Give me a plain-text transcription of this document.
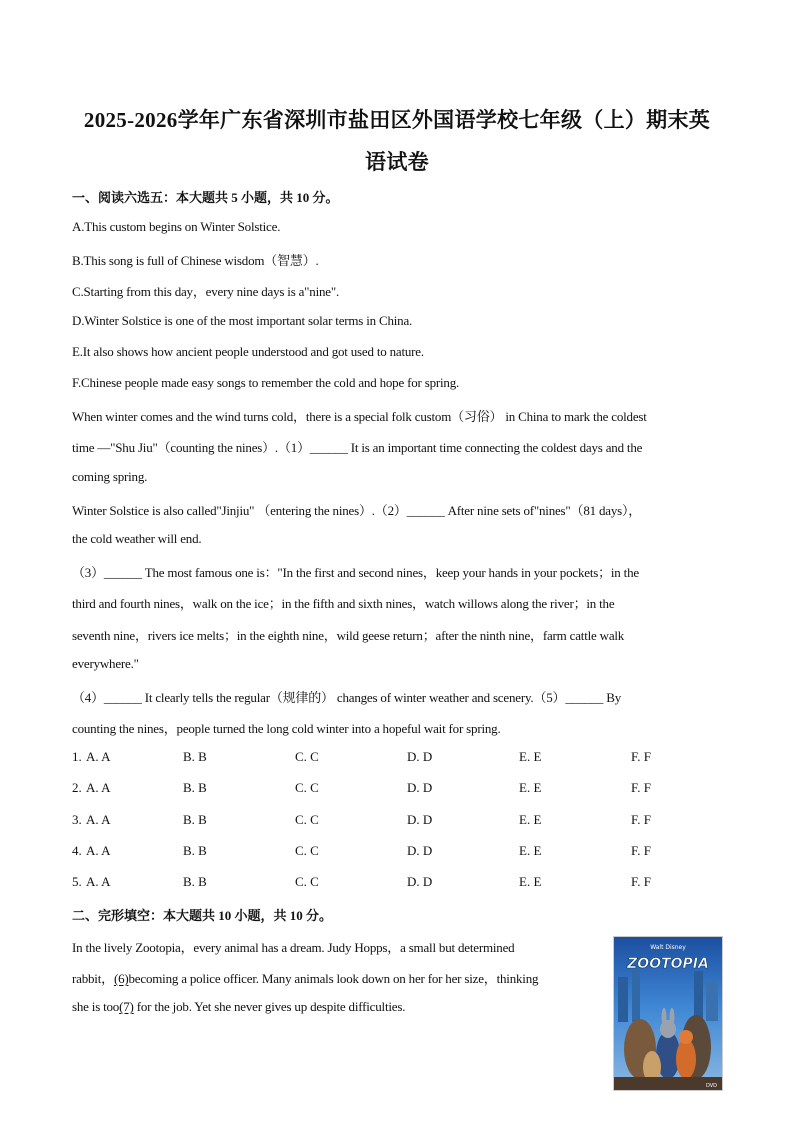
2025-2026学年广东省深圳市盐田区外国语学校七年级（上）期末英
语试卷
一、阅读六选五：本大题共 5 小题，共 10 分。
A.This custom begins on Winter Solstice.
B.This song is full of Chinese wisdom（智慧）.
C.Starting from this day，every nine days is a"nine".
D.Winter Solstice is one of the most important solar terms in China.
E.It also shows how ancient people understood and got used to nature.
F.Chinese people made easy songs to remember the cold and hope for spring.
When winter comes and the wind turns cold，there is a special folk custom（习俗） in China to mark the coldest
time —"Shu Jiu"（counting the nines）.（1）______ It is an important time connecting the coldest days and the
coming spring.
Winter Solstice is also called"Jinjiu" （entering the nines）.（2）______ After nine sets of"nines"（81 days），
the cold weather will end.
（3）______ The most famous one is："In the first and second nines，keep your hands in your pockets；in the
third and fourth nines，walk on the ice；in the fifth and sixth nines，watch willows along the river；in the
seventh nine，rivers ice melts；in the eighth nine，wild geese return；after the ninth nine，farm cattle walk
everywhere."
（4）______ It clearly tells the regular（规律的） changes of winter weather and scenery.（5）______ By
counting the nines，people turned the long cold winter into a hopeful wait for spring.
1. A. A	B. B	C. C	D. D	E. E	F. F
2. A. A	B. B	C. C	D. D	E. E	F. F
3. A. A	B. B	C. C	D. D	E. E	F. F
4. A. A	B. B	C. C	D. D	E. E	F. F
5. A. A	B. B	C. C	D. D	E. E	F. F
二、完形填空：本大题共 10 小题，共 10 分。
In the lively Zootopia，every animal has a dream. Judy Hopps，a small but determined
rabbit，(6)becoming a police officer. Many animals look down on her for her size，thinking
she is too(7) for the job. Yet she never gives up despite difficulties.
Walt Disney
ZOOTOPIA
DVD
